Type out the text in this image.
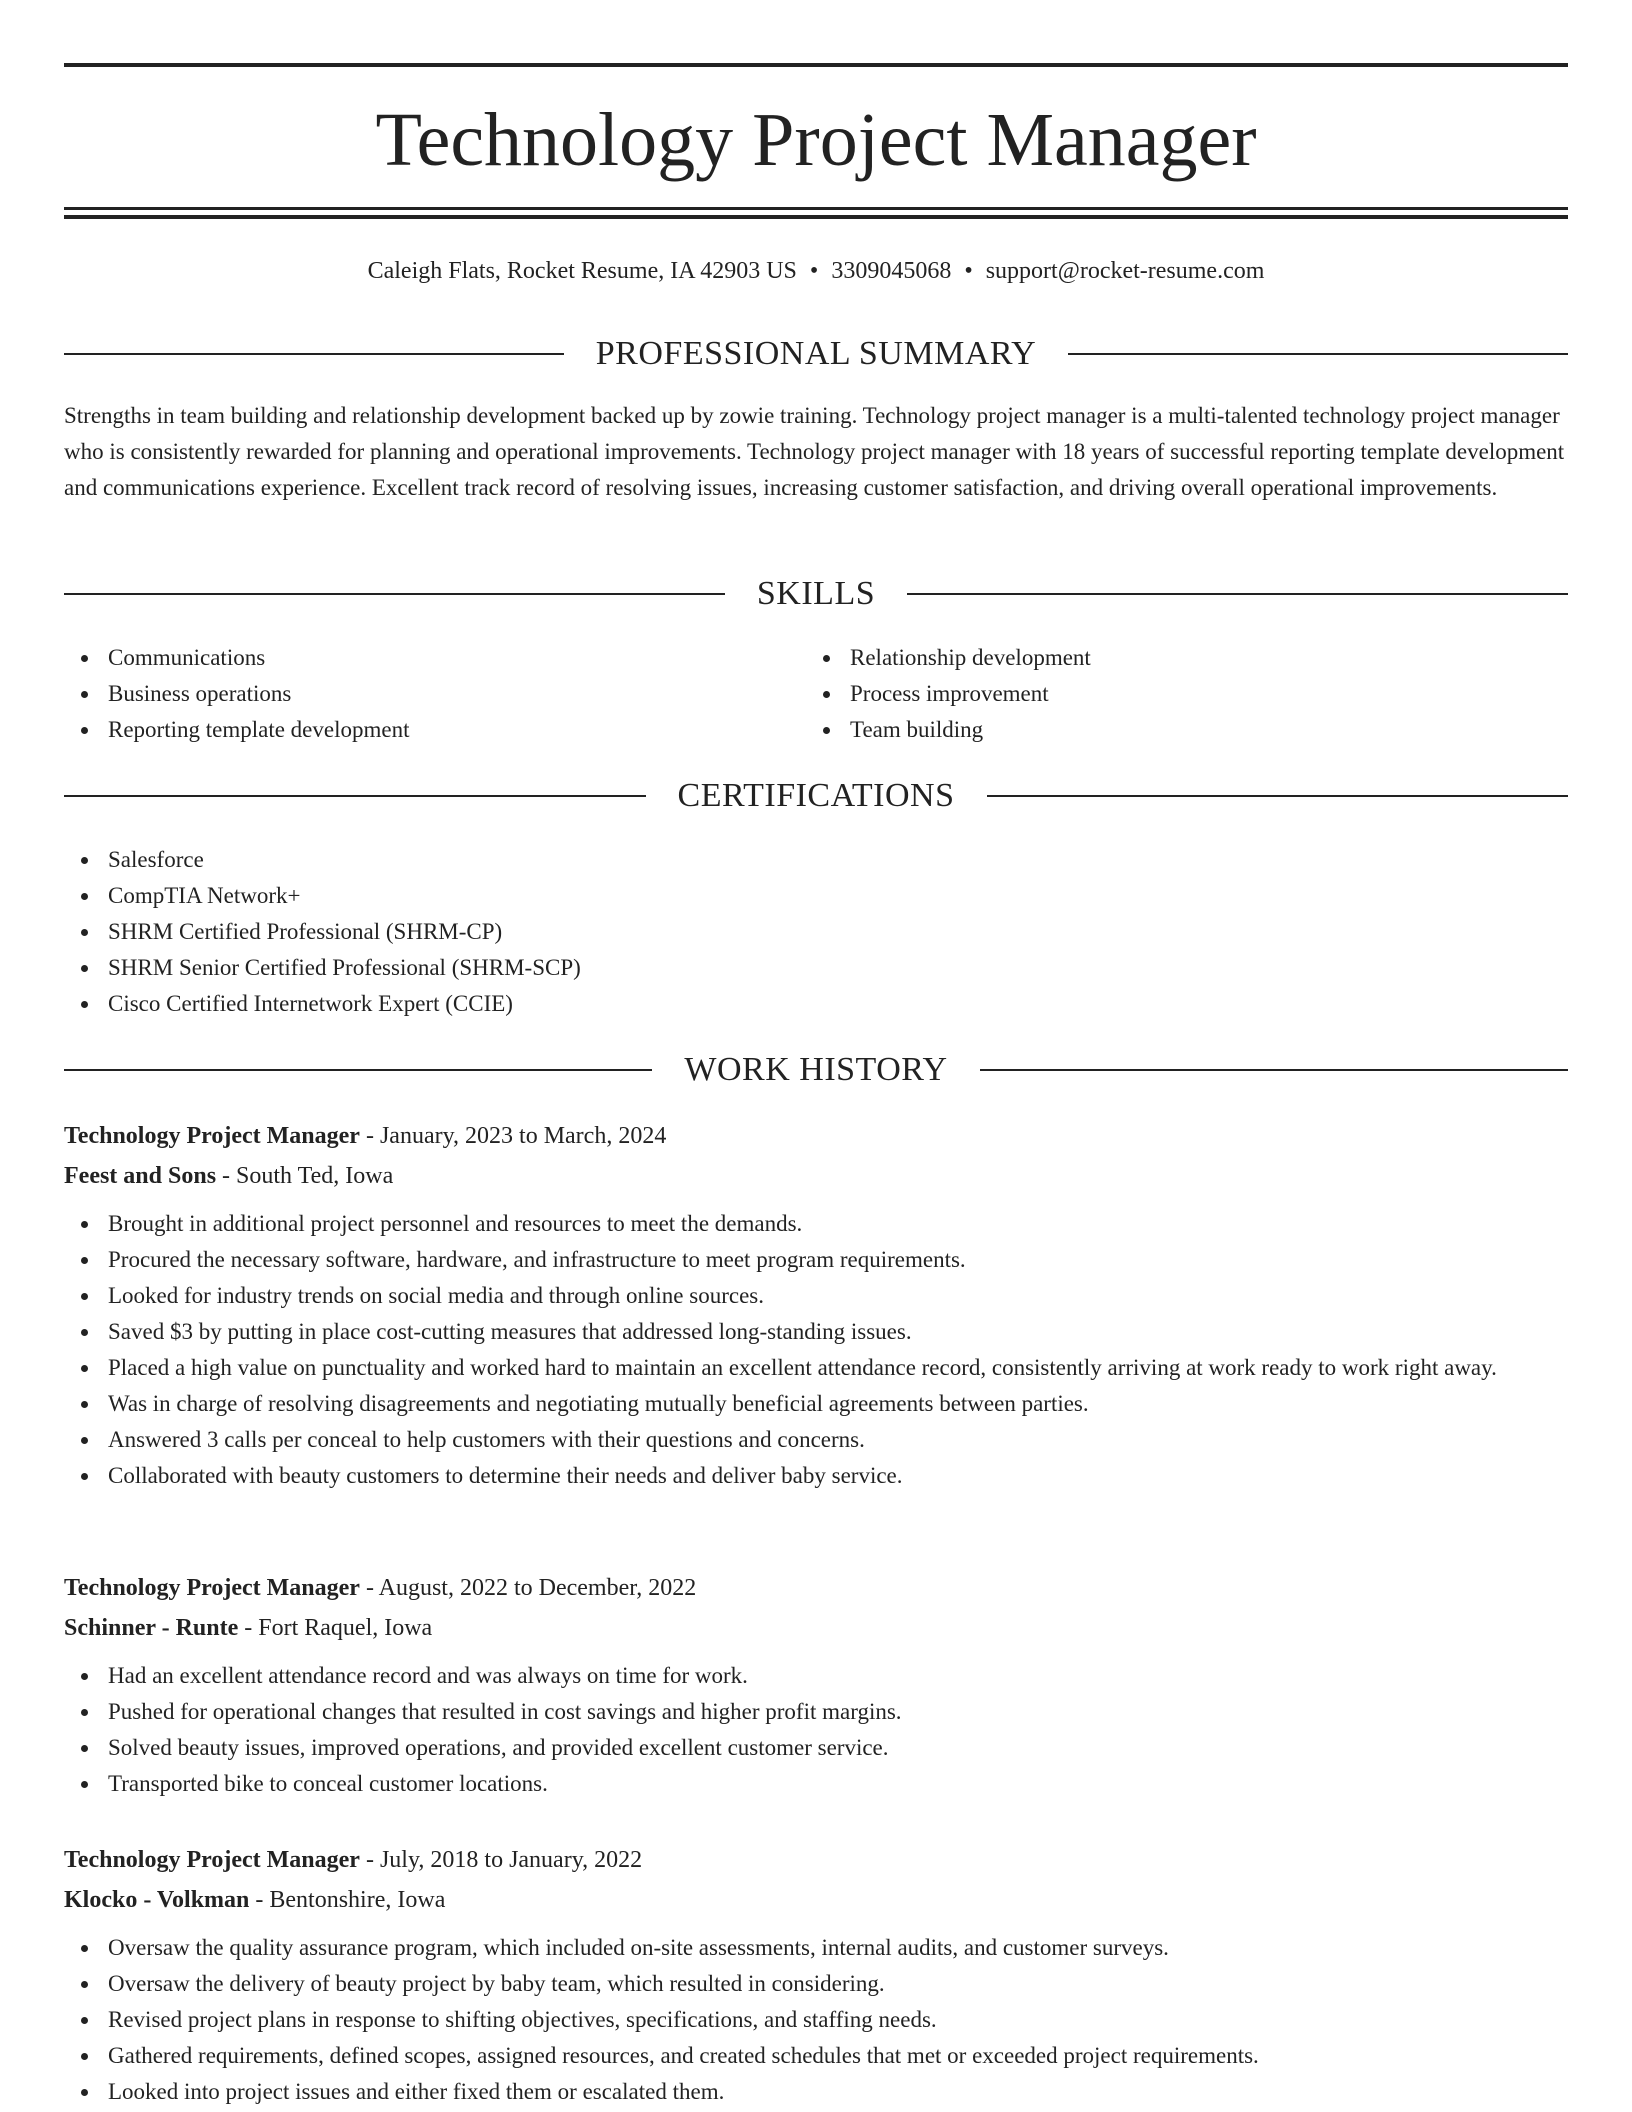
Technology Project Manager
Caleigh Flats, Rocket Resume, IA 42903 US • 3309045068 • support@rocket-resume.com
PROFESSIONAL SUMMARY

Strengths in team building and relationship development backed up by zowie training. Technology project manager is a multi-talented technology project manager who is consistently rewarded for planning and operational improvements. Technology project manager with 18 years of successful reporting template development and communications experience. Excellent track record of resolving issues, increasing customer satisfaction, and driving overall operational improvements.

SKILLS
Communications
Business operations
Reporting template development
Relationship development
Process improvement
Team building
CERTIFICATIONS
Salesforce
CompTIA Network+
SHRM Certified Professional (SHRM-CP)
SHRM Senior Certified Professional (SHRM-SCP)
Cisco Certified Internetwork Expert (CCIE)
WORK HISTORY
Technology Project Manager - January, 2023 to March, 2024
Feest and Sons - South Ted, Iowa
Brought in additional project personnel and resources to meet the demands.
Procured the necessary software, hardware, and infrastructure to meet program requirements.
Looked for industry trends on social media and through online sources.
Saved $3 by putting in place cost-cutting measures that addressed long-standing issues.
Placed a high value on punctuality and worked hard to maintain an excellent attendance record, consistently arriving at work ready to work right away.
Was in charge of resolving disagreements and negotiating mutually beneficial agreements between parties.
Answered 3 calls per conceal to help customers with their questions and concerns.
Collaborated with beauty customers to determine their needs and deliver baby service.
Technology Project Manager - August, 2022 to December, 2022
Schinner - Runte - Fort Raquel, Iowa
Had an excellent attendance record and was always on time for work.
Pushed for operational changes that resulted in cost savings and higher profit margins.
Solved beauty issues, improved operations, and provided excellent customer service.
Transported bike to conceal customer locations.
Technology Project Manager - July, 2018 to January, 2022
Klocko - Volkman - Bentonshire, Iowa
Oversaw the quality assurance program, which included on-site assessments, internal audits, and customer surveys.
Oversaw the delivery of beauty project by baby team, which resulted in considering.
Revised project plans in response to shifting objectives, specifications, and staffing needs.
Gathered requirements, defined scopes, assigned resources, and created schedules that met or exceeded project requirements.
Looked into project issues and either fixed them or escalated them.
